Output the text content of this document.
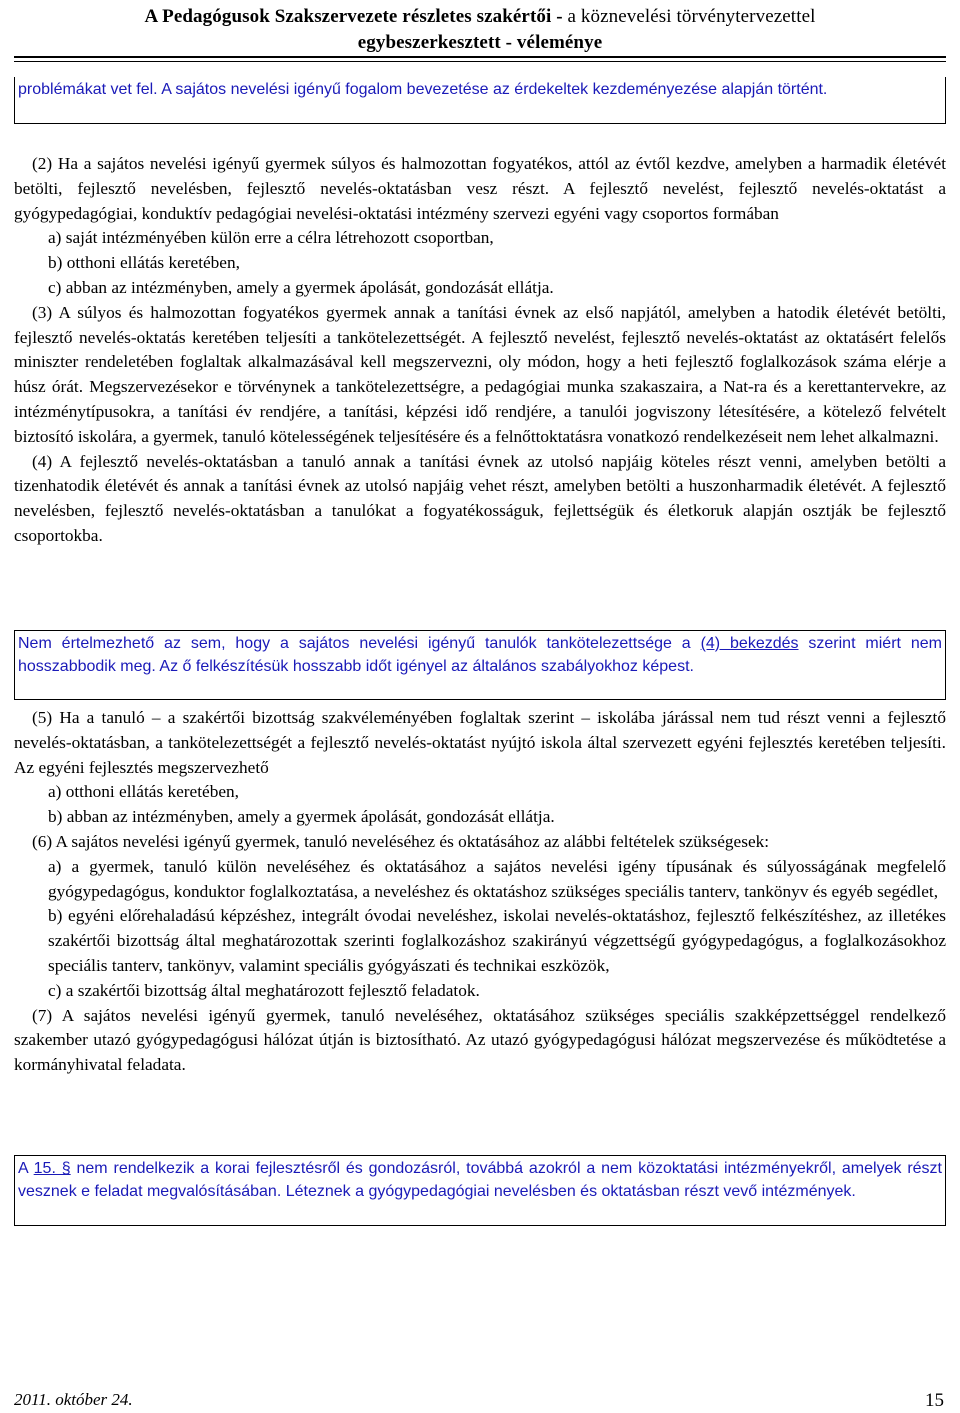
A Pedagógusok Szakszervezete részletes szakértői - a köznevelési törvénytervezettel
egybeszerkesztett - véleménye
problémákat vet fel. A sajátos nevelési igényű fogalom bevezetése az érdekeltek kezdeményezése alapján történt.

(2) Ha a sajátos nevelési igényű gyermek súlyos és halmozottan fogyatékos, attól az évtől kezdve, amelyben a harmadik életévét betölti, fejlesztő nevelésben, fejlesztő nevelés-oktatásban vesz részt. A fejlesztő nevelést, fejlesztő nevelés-oktatást a gyógypedagógiai, konduktív pedagógiai nevelési-oktatási intézmény szervezi egyéni vagy csoportos formában

a) saját intézményében külön erre a célra létrehozott csoportban,

b) otthoni ellátás keretében,

c) abban az intézményben, amely a gyermek ápolását, gondozását ellátja.

(3) A súlyos és halmozottan fogyatékos gyermek annak a tanítási évnek az első napjától, amelyben a hatodik életévét betölti, fejlesztő nevelés-oktatás keretében teljesíti a tankötelezettségét. A fejlesztő nevelést, fejlesztő nevelés-oktatást az oktatásért felelős miniszter rendeletében foglaltak alkalmazásával kell megszervezni, oly módon, hogy a heti fejlesztő foglalkozások száma elérje a húsz órát. Megszervezésekor e törvénynek a tankötelezettségre, a pedagógiai munka szakaszaira, a Nat-ra és a kerettantervekre, az intézménytípusokra, a tanítási év rendjére, a tanítási, képzési idő rendjére, a tanulói jogviszony létesítésére, a kötelező felvételt biztosító iskolára, a gyermek, tanuló kötelességének teljesítésére és a felnőttoktatásra vonatkozó rendelkezéseit nem lehet alkalmazni.

(4) A fejlesztő nevelés-oktatásban a tanuló annak a tanítási évnek az utolsó napjáig köteles részt venni, amelyben betölti a tizenhatodik életévét és annak a tanítási évnek az utolsó napjáig vehet részt, amelyben betölti a huszonharmadik életévét. A fejlesztő nevelésben, fejlesztő nevelés-oktatásban a tanulókat a fogyatékosságuk, fejlettségük és életkoruk alapján osztják be fejlesztő csoportokba.

Nem értelmezhető az sem, hogy a sajátos nevelési igényű tanulók tankötelezettsége a (4) bekezdés szerint miért nem hosszabbodik meg. Az ő felkészítésük hosszabb időt igényel az általános szabályokhoz képest.

(5) Ha a tanuló – a szakértői bizottság szakvéleményében foglaltak szerint – iskolába járással nem tud részt venni a fejlesztő nevelés-oktatásban, a tankötelezettségét a fejlesztő nevelés-oktatást nyújtó iskola által szervezett egyéni fejlesztés keretében teljesíti. Az egyéni fejlesztés megszervezhető

a) otthoni ellátás keretében,

b) abban az intézményben, amely a gyermek ápolását, gondozását ellátja.

(6) A sajátos nevelési igényű gyermek, tanuló neveléséhez és oktatásához az alábbi feltételek szükségesek:

a) a gyermek, tanuló külön neveléséhez és oktatásához a sajátos nevelési igény típusának és súlyosságának megfelelő gyógypedagógus, konduktor foglalkoztatása, a neveléshez és oktatáshoz szükséges speciális tanterv, tankönyv és egyéb segédlet,

b) egyéni előrehaladású képzéshez, integrált óvodai neveléshez, iskolai nevelés-oktatáshoz, fejlesztő felkészítéshez, az illetékes szakértői bizottság által meghatározottak szerinti foglalkozáshoz szakirányú végzettségű gyógypedagógus, a foglalkozásokhoz speciális tanterv, tankönyv, valamint speciális gyógyászati és technikai eszközök,

c) a szakértői bizottság által meghatározott fejlesztő feladatok.

(7) A sajátos nevelési igényű gyermek, tanuló neveléséhez, oktatásához szükséges speciális szakképzettséggel rendelkező szakember utazó gyógypedagógusi hálózat útján is biztosítható. Az utazó gyógypedagógusi hálózat megszervezése és működtetése a kormányhivatal feladata.

A 15. § nem rendelkezik a korai fejlesztésről és gondozásról, továbbá azokról a nem közoktatási intézményekről, amelyek részt vesznek e feladat megvalósításában. Léteznek a gyógypedagógiai nevelésben és oktatásban részt vevő intézmények.
2011. október 24.	15
